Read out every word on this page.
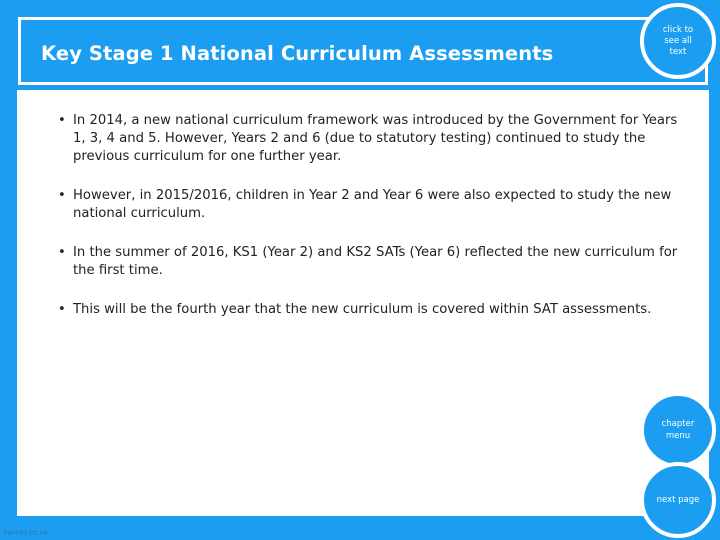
Key Stage 1 National Curriculum Assessments
click to see all text
• In 2014, a new national curriculum framework was introduced by the Government for Years 1, 3, 4 and 5. However, Years 2 and 6 (due to statutory testing) continued to study the previous curriculum for one further year.
• However, in 2015/2016, children in Year 2 and Year 6 were also expected to study the new national curriculum.
• In the summer of 2016, KS1 (Year 2) and KS2 SATs (Year 6) reflected the new curriculum for the first time.
• This will be the fourth year that the new curriculum is covered within SAT assessments.
chapter menu
next page
twinkl.co.uk
